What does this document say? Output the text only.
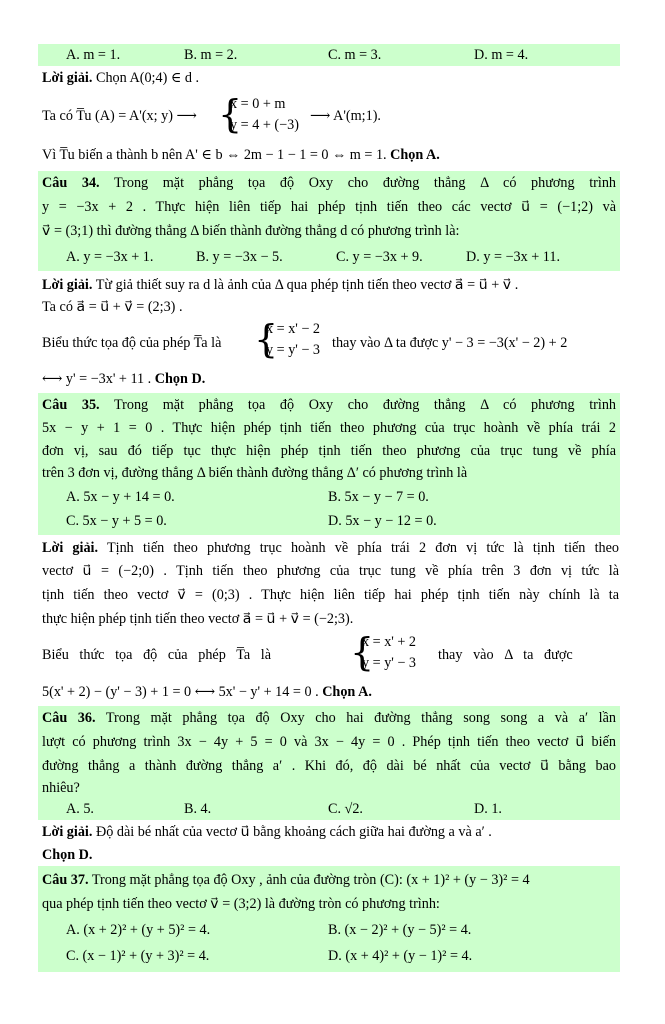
A. m = 1.	B. m = 2.	C. m = 3.	D. m = 4.
Lời giải. Chọn A(0;4) ∈ d .
Ta có T̅u (A) = A'(x; y) ⟶ {
x = 0 + m
y = 4 + (−3)
⟶ A'(m;1).
Vì T̅u biến a thành b nên A' ∈ b ⇔ 2m − 1 − 1 = 0 ⇔ m = 1. Chọn A.
Câu 34. Trong mặt phẳng tọa độ Oxy cho đường thẳng Δ có phương trình
y = −3x + 2 . Thực hiện liên tiếp hai phép tịnh tiến theo các vectơ u⃗ = (−1;2) và
v⃗ = (3;1) thì đường thẳng Δ biến thành đường thẳng d có phương trình là:
A. y = −3x + 1.	B. y = −3x − 5.	C. y = −3x + 9.	D. y = −3x + 11.
Lời giải. Từ giả thiết suy ra d là ảnh của Δ qua phép tịnh tiến theo vectơ a⃗ = u⃗ + v⃗ .
Ta có a⃗ = u⃗ + v⃗ = (2;3) .
Biểu thức tọa độ của phép T̅a là {
x = x' − 2
y = y' − 3 thay vào Δ ta được y' − 3 = −3(x' − 2) + 2
⟷ y' = −3x' + 11 . Chọn D.
Câu 35. Trong mặt phẳng tọa độ Oxy cho đường thẳng Δ có phương trình
5x − y + 1 = 0 . Thực hiện phép tịnh tiến theo phương của trục hoành về phía trái 2
đơn vị, sau đó tiếp tục thực hiện phép tịnh tiến theo phương của trục tung về phía
trên 3 đơn vị, đường thẳng Δ biến thành đường thẳng Δ′ có phương trình là
A. 5x − y + 14 = 0.	B. 5x − y − 7 = 0.
C. 5x − y + 5 = 0.	D. 5x − y − 12 = 0.
Lời giải. Tịnh tiến theo phương trục hoành về phía trái 2 đơn vị tức là tịnh tiến theo
vectơ u⃗ = (−2;0) . Tịnh tiến theo phương của trục tung về phía trên 3 đơn vị tức là
tịnh tiến theo vectơ v⃗ = (0;3) . Thực hiện liên tiếp hai phép tịnh tiến này chính là ta
thực hiện phép tịnh tiến theo vectơ a⃗ = u⃗ + v⃗ = (−2;3).
Biểu   thức   tọa   độ   của   phép   T̅a   là {
x = x' + 2
y = y' − 3 thay   vào   Δ   ta   được
5(x' + 2) − (y' − 3) + 1 = 0 ⟷ 5x' − y' + 14 = 0 . Chọn A.
Câu 36. Trong mặt phẳng tọa độ Oxy cho hai đường thẳng song song a và a′ lần
lượt có phương trình 3x − 4y + 5 = 0 và 3x − 4y = 0 . Phép tịnh tiến theo vectơ u⃗ biến
đường thẳng a thành đường thẳng a′ . Khi đó, độ dài bé nhất của vectơ u⃗ bằng bao
nhiêu?
A. 5.	B. 4.	C. √2.	D. 1.
Lời giải. Độ dài bé nhất của vectơ u⃗ bằng khoảng cách giữa hai đường a và a′ .
Chọn D.
Câu 37. Trong mặt phẳng tọa độ Oxy , ảnh của đường tròn (C): (x + 1)² + (y − 3)² = 4
qua phép tịnh tiến theo vectơ v⃗ = (3;2) là đường tròn có phương trình:
A. (x + 2)² + (y + 5)² = 4.	B. (x − 2)² + (y − 5)² = 4.
C. (x − 1)² + (y + 3)² = 4.	D. (x + 4)² + (y − 1)² = 4.
